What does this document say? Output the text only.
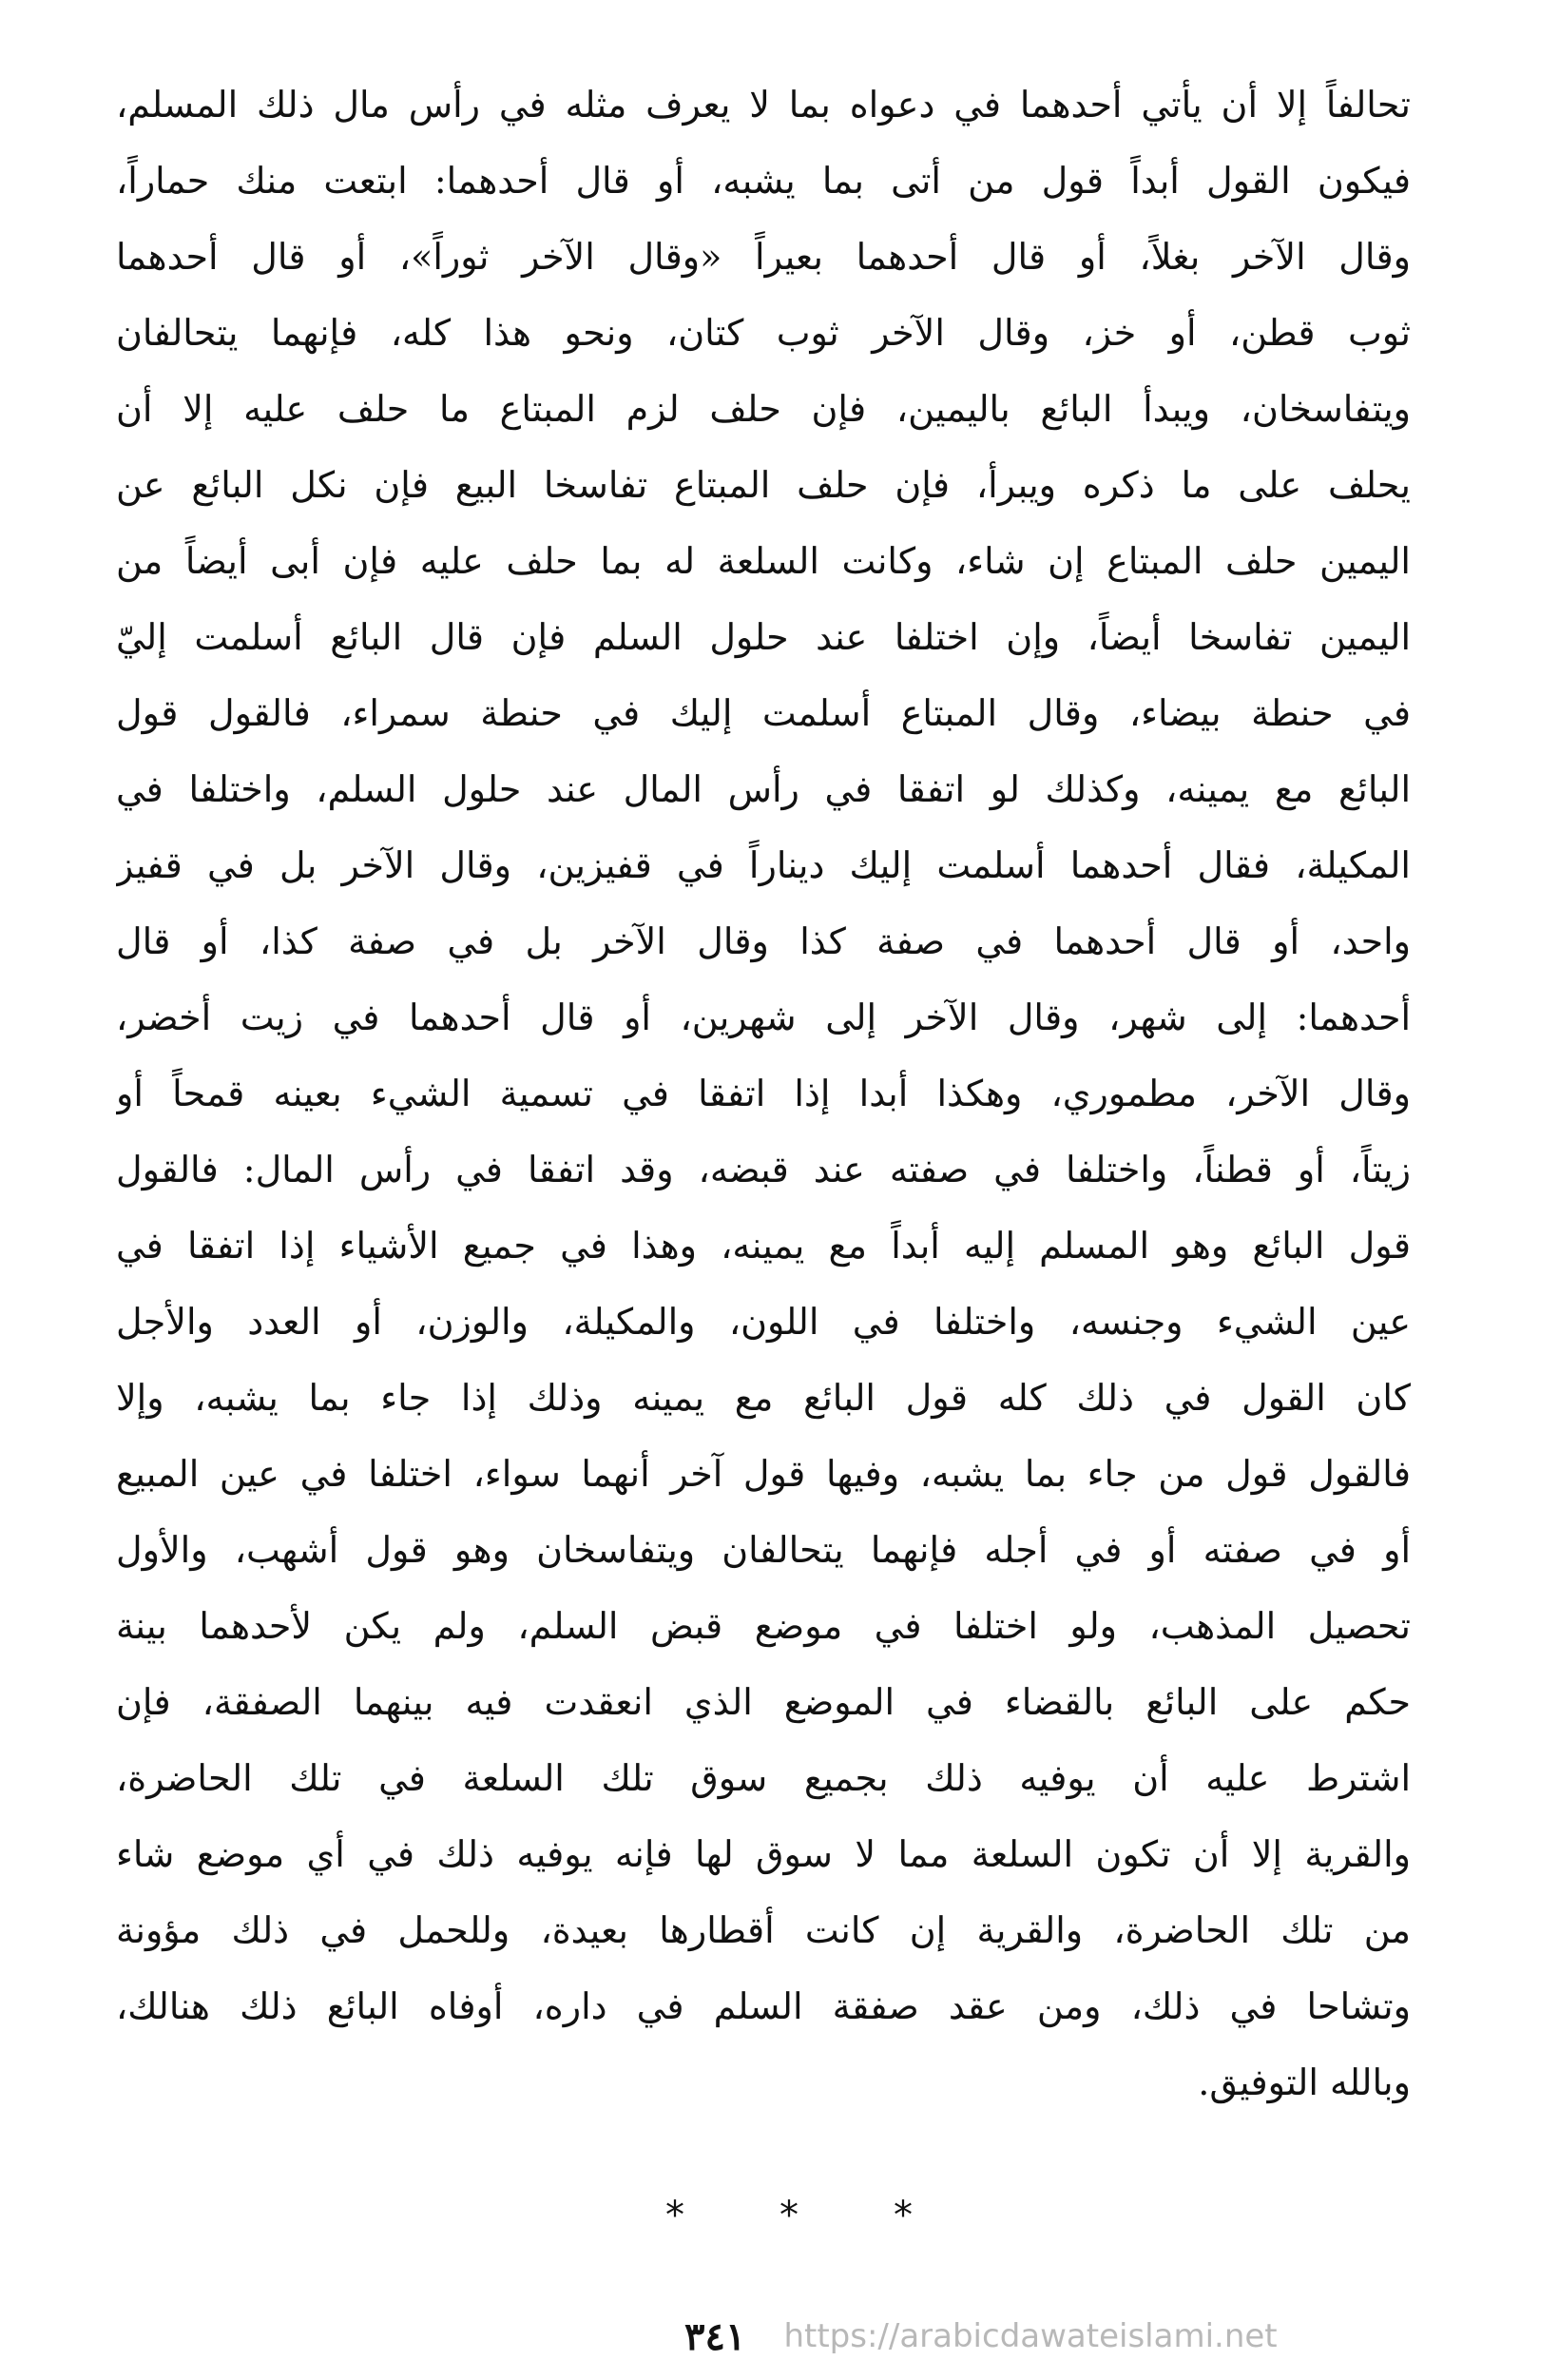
تحالفاً إلا أن يأتي أحدهما في دعواه بما لا يعرف مثله في رأس مال ذلك المسلم،
فيكون القول أبداً قول من أتى بما يشبه، أو قال أحدهما: ابتعت منك حماراً،
وقال الآخر بغلاً، أو قال أحدهما بعيراً «وقال الآخر ثوراً»، أو قال أحدهما
ثوب قطن، أو خز، وقال الآخر ثوب كتان، ونحو هذا كله، فإنهما يتحالفان
ويتفاسخان، ويبدأ البائع باليمين، فإن حلف لزم المبتاع ما حلف عليه إلا أن
يحلف على ما ذكره ويبرأ، فإن حلف المبتاع تفاسخا البيع فإن نكل البائع عن
اليمين حلف المبتاع إن شاء، وكانت السلعة له بما حلف عليه فإن أبى أيضاً من
اليمين تفاسخا أيضاً، وإن اختلفا عند حلول السلم فإن قال البائع أسلمت إليّ
في حنطة بيضاء، وقال المبتاع أسلمت إليك في حنطة سمراء، فالقول قول
البائع مع يمينه، وكذلك لو اتفقا في رأس المال عند حلول السلم، واختلفا في
المكيلة، فقال أحدهما أسلمت إليك ديناراً في قفيزين، وقال الآخر بل في قفيز
واحد، أو قال أحدهما في صفة كذا وقال الآخر بل في صفة كذا، أو قال
أحدهما: إلى شهر، وقال الآخر إلى شهرين، أو قال أحدهما في زيت أخضر،
وقال الآخر، مطموري، وهكذا أبدا إذا اتفقا في تسمية الشيء بعينه قمحاً أو
زيتاً، أو قطناً، واختلفا في صفته عند قبضه، وقد اتفقا في رأس المال: فالقول
قول البائع وهو المسلم إليه أبداً مع يمينه، وهذا في جميع الأشياء إذا اتفقا في
عين الشيء وجنسه، واختلفا في اللون، والمكيلة، والوزن، أو العدد والأجل
كان القول في ذلك كله قول البائع مع يمينه وذلك إذا جاء بما يشبه، وإلا
فالقول قول من جاء بما يشبه، وفيها قول آخر أنهما سواء، اختلفا في عين المبيع
أو في صفته أو في أجله فإنهما يتحالفان ويتفاسخان وهو قول أشهب، والأول
تحصيل المذهب، ولو اختلفا في موضع قبض السلم، ولم يكن لأحدهما بينة
حكم على البائع بالقضاء في الموضع الذي انعقدت فيه بينهما الصفقة، فإن
اشترط عليه أن يوفيه ذلك بجميع سوق تلك السلعة في تلك الحاضرة،
والقرية إلا أن تكون السلعة مما لا سوق لها فإنه يوفيه ذلك في أي موضع شاء
من تلك الحاضرة، والقرية إن كانت أقطارها بعيدة، وللحمل في ذلك مؤونة
وتشاحا في ذلك، ومن عقد صفقة السلم في داره، أوفاه البائع ذلك هنالك،
وبالله التوفيق.
*	*	*
٣٤١ https://arabicdawateislami.net
